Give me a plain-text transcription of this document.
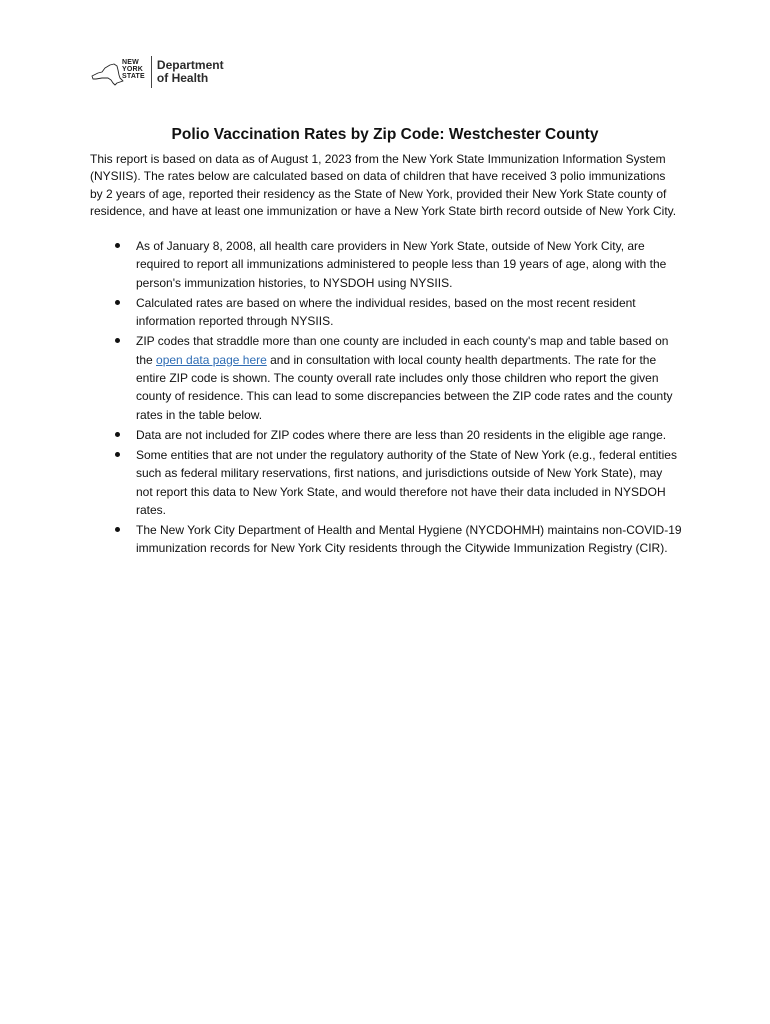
NEW
YORK
STATE
Department
of Health
Polio Vaccination Rates by Zip Code: Westchester County

This report is based on data as of August 1, 2023 from the New York State Immunization Information System (NYSIIS). The rates below are calculated based on data of children that have received 3 polio immunizations by 2 years of age, reported their residency as the State of New York, provided their New York State county of residence, and have at least one immunization or have a New York State birth record outside of New York City.

As of January 8, 2008, all health care providers in New York State, outside of New York City, are required to report all immunizations administered to people less than 19 years of age, along with the person's immunization histories, to NYSDOH using NYSIIS.
Calculated rates are based on where the individual resides, based on the most recent resident information reported through NYSIIS.
ZIP codes that straddle more than one county are included in each county's map and table based on the open data page here and in consultation with local county health departments. The rate for the entire ZIP code is shown. The county overall rate includes only those children who report the given county of residence. This can lead to some discrepancies between the ZIP code rates and the county rates in the table below.
Data are not included for ZIP codes where there are less than 20 residents in the eligible age range.
Some entities that are not under the regulatory authority of the State of New York (e.g., federal entities such as federal military reservations, first nations, and jurisdictions outside of New York State), may not report this data to New York State, and would therefore not have their data included in NYSDOH rates.
The New York City Department of Health and Mental Hygiene (NYCDOHMH) maintains non-COVID-19 immunization records for New York City residents through the Citywide Immunization Registry (CIR).
